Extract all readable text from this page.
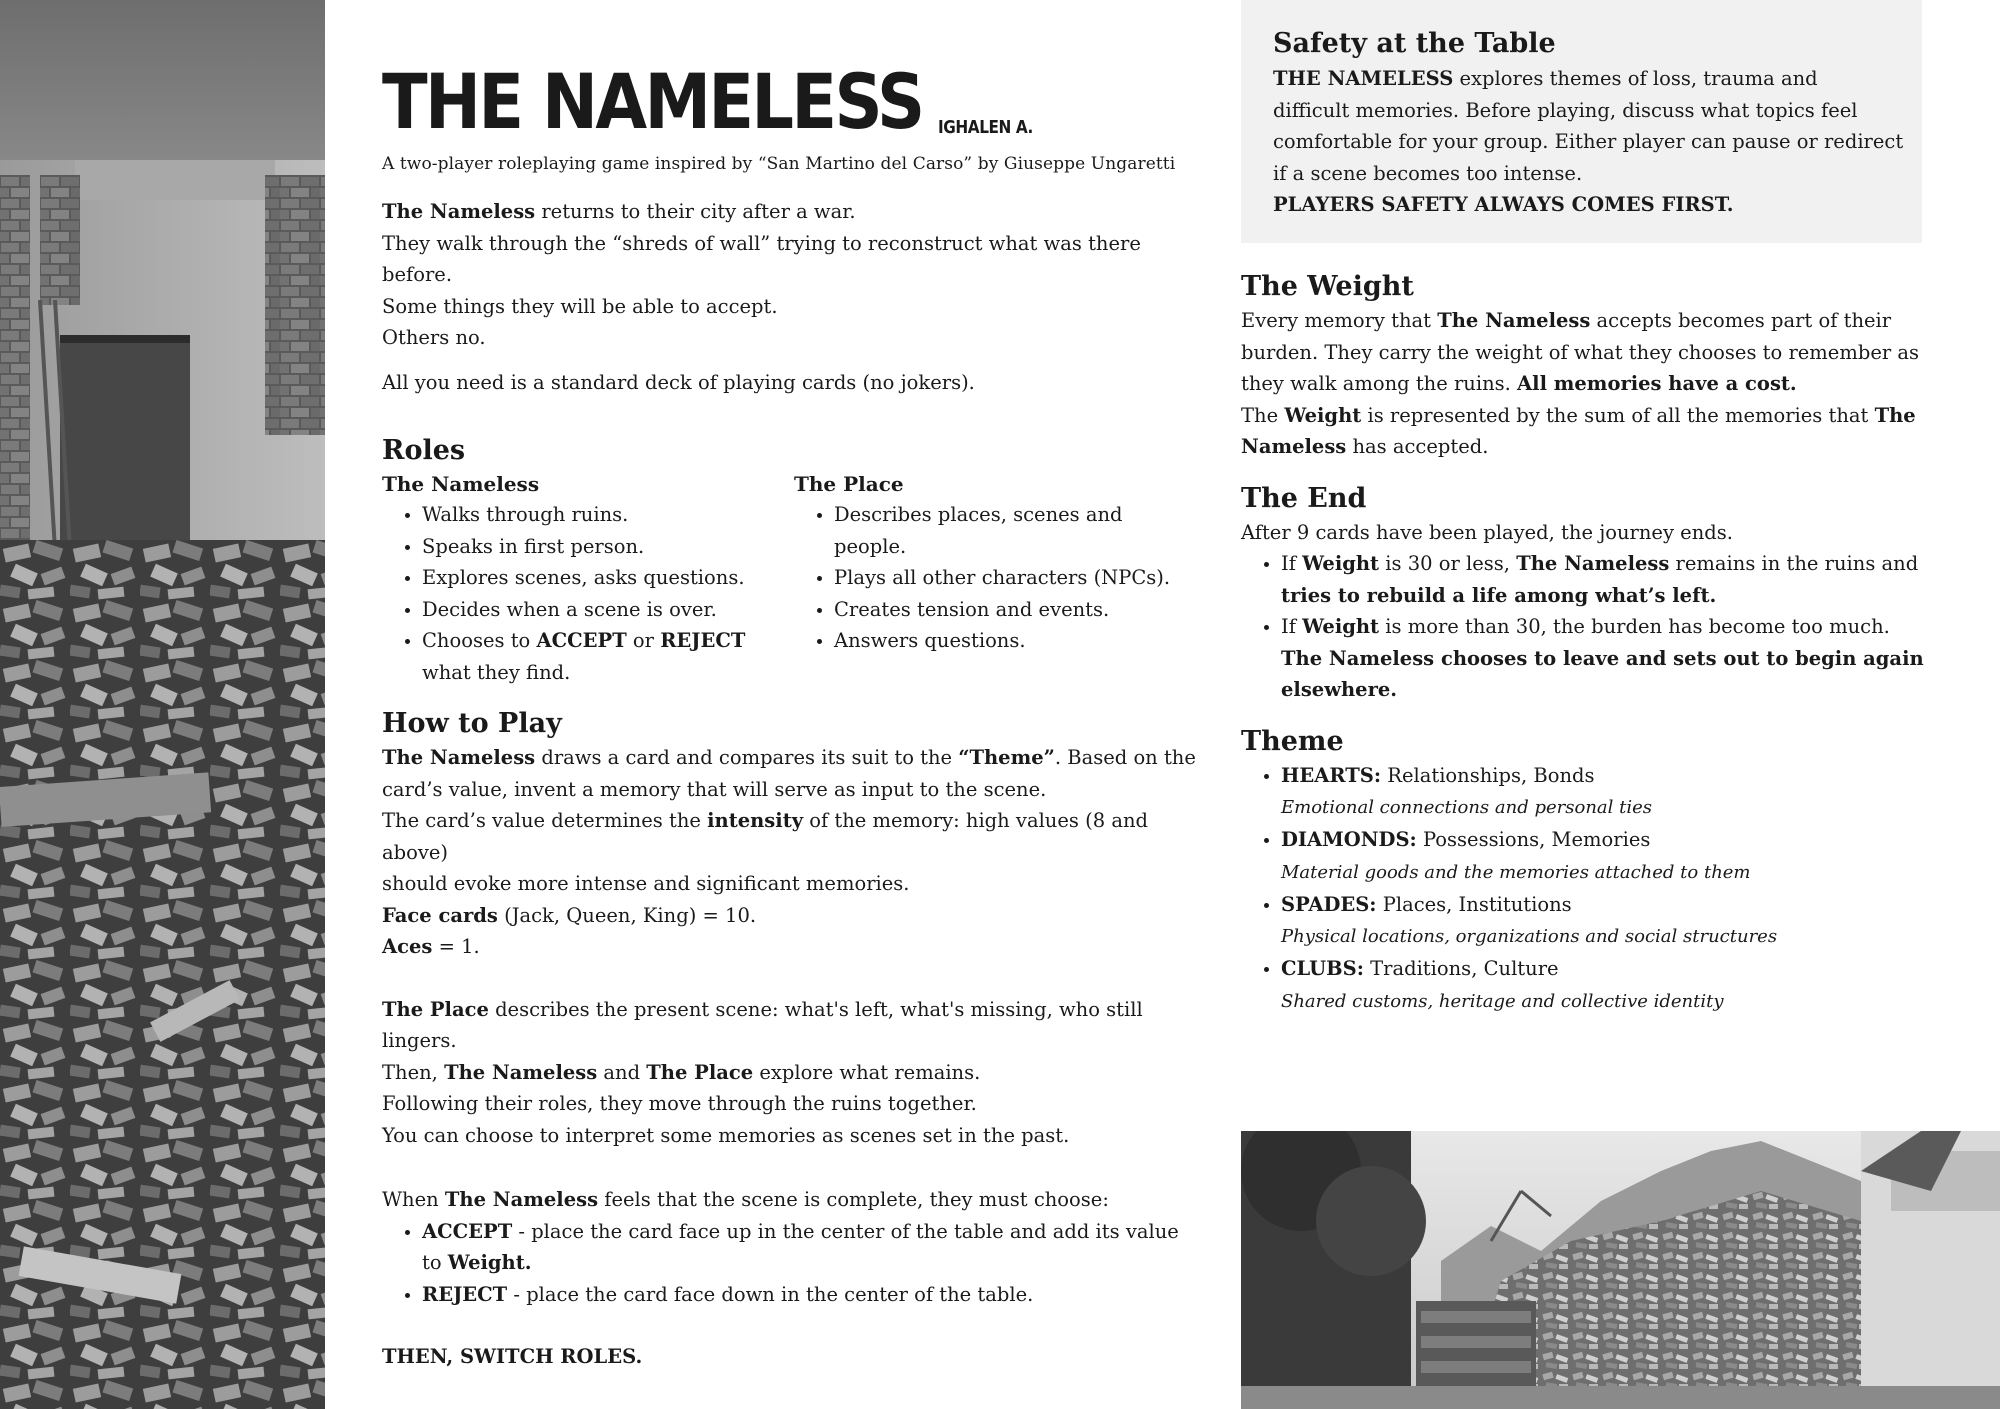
THE NAMELESS IGHALEN A.
A two-player roleplaying game inspired by “San Martino del Carso” by Giuseppe Ungaretti

The Nameless returns to their city after a war.

They walk through the “shreds of wall” trying to reconstruct what was there before.

Some things they will be able to accept.

Others no.

All you need is a standard deck of playing cards (no jokers).

Roles
The Nameless
• Walks through ruins.
• Speaks in first person.
• Explores scenes, asks questions.
• Decides when a scene is over.
• Chooses to ACCEPT or REJECT
what they find.
The Place
• Describes places, scenes and people.
• Plays all other characters (NPCs).
• Creates tension and events.
• Answers questions.
How to Play

The Nameless draws a card and compares its suit to the “Theme”. Based on the

card’s value, invent a memory that will serve as input to the scene.

The card’s value determines the intensity of the memory: high values (8 and above)

should evoke more intense and significant memories.

Face cards (Jack, Queen, King) = 10.

Aces = 1.

The Place describes the present scene: what's left, what's missing, who still lingers.

Then, The Nameless and The Place explore what remains.

Following their roles, they move through the ruins together.

You can choose to interpret some memories as scenes set in the past.

When The Nameless feels that the scene is complete, they must choose:

• ACCEPT - place the card face up in the center of the table and add its value
to Weight.
• REJECT - place the card face down in the center of the table.

THEN, SWITCH ROLES.

Safety at the Table

THE NAMELESS explores themes of loss, trauma and

difficult memories. Before playing, discuss what topics feel

comfortable for your group. Either player can pause or redirect

if a scene becomes too intense.

PLAYERS SAFETY ALWAYS COMES FIRST.

The Weight

Every memory that The Nameless accepts becomes part of their

burden. They carry the weight of what they chooses to remember as

they walk among the ruins. All memories have a cost.

The Weight is represented by the sum of all the memories that The

Nameless has accepted.

The End

After 9 cards have been played, the journey ends.

• If Weight is 30 or less, The Nameless remains in the ruins and
tries to rebuild a life among what’s left.
• If Weight is more than 30, the burden has become too much.
The Nameless chooses to leave and sets out to begin again
elsewhere.
Theme
• HEARTS: Relationships, Bonds
Emotional connections and personal ties
• DIAMONDS: Possessions, Memories
Material goods and the memories attached to them
• SPADES: Places, Institutions
Physical locations, organizations and social structures
• CLUBS: Traditions, Culture
Shared customs, heritage and collective identity
